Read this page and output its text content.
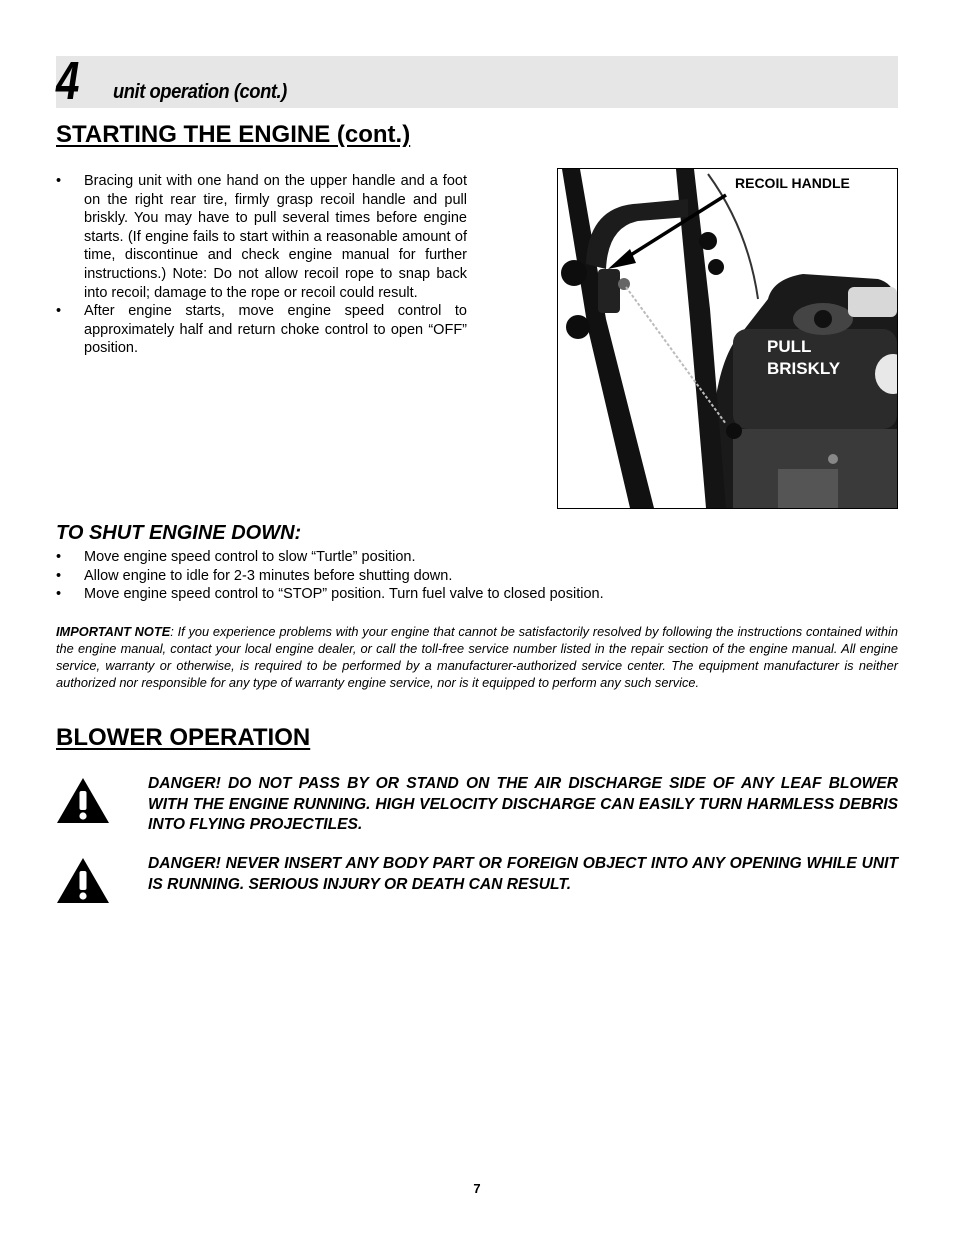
4 unit operation (cont.)
STARTING THE ENGINE (cont.)
• Bracing unit with one hand on the upper handle and a foot on the right rear tire, firmly grasp recoil handle and pull briskly. You may have to pull several times before engine starts. (If engine fails to start within a reasonable amount of time, discontinue and check engine manual for further instructions.) Note: Do not allow recoil rope to snap back into recoil; damage to the rope or recoil could result.
• After engine starts, move engine speed control to approximately half and return choke control to open “OFF” position.
RECOIL HANDLE
PULL
BRISKLY
TO SHUT ENGINE DOWN:
• Move engine speed control to slow “Turtle” position.
• Allow engine to idle for 2-3 minutes before shutting down.
• Move engine speed control to “STOP” position. Turn fuel valve to closed position.

IMPORTANT NOTE: If you experience problems with your engine that cannot be satisfactorily resolved by following the instructions contained within the engine manual, contact your local engine dealer, or call the toll-free service number listed in the repair section of the engine manual. All engine service, warranty or otherwise, is required to be performed by a manufacturer-authorized service center. The equipment manufacturer is neither authorized nor responsible for any type of warranty engine service, nor is it equipped to perform any such service.

BLOWER OPERATION

DANGER! DO NOT PASS BY OR STAND ON THE AIR DISCHARGE SIDE OF ANY LEAF BLOWER WITH THE ENGINE RUNNING. HIGH VELOCITY DISCHARGE CAN EASILY TURN HARMLESS DEBRIS INTO FLYING PROJECTILES.

DANGER! NEVER INSERT ANY BODY PART OR FOREIGN OBJECT INTO ANY OPENING WHILE UNIT IS RUNNING. SERIOUS INJURY OR DEATH CAN RESULT.

7
